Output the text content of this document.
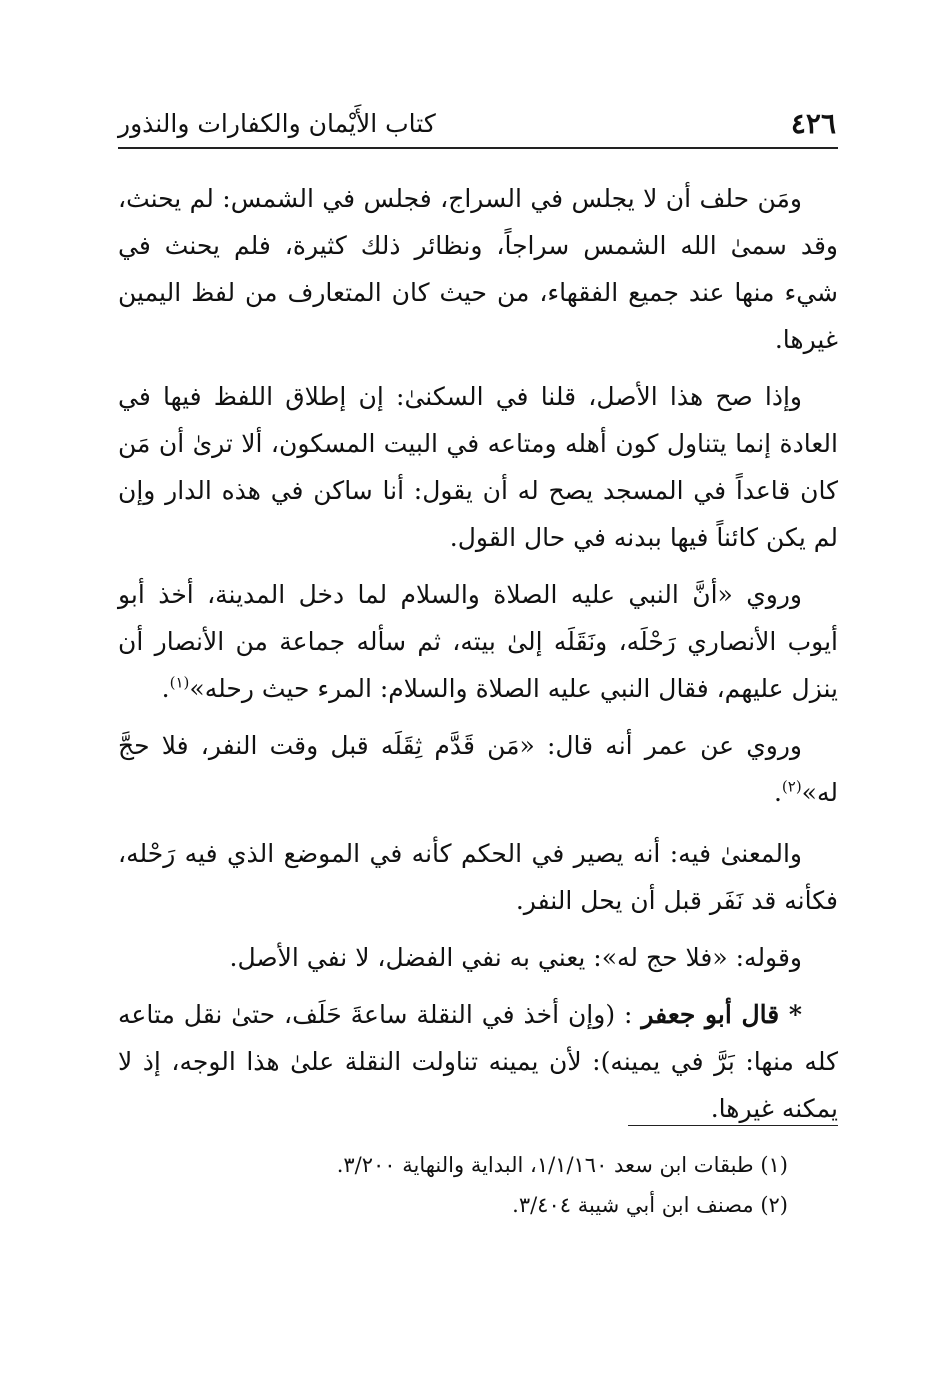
٤٢٦
كتاب الأَيْمان والكفارات والنذور

ومَن حلف أن لا يجلس في السراج، فجلس في الشمس: لم يحنث، وقد سمىٰ الله الشمس سراجاً، ونظائر ذلك كثيرة، فلم يحنث في شيء منها عند جميع الفقهاء، من حيث كان المتعارف من لفظ اليمين غيرها.

وإذا صح هذا الأصل، قلنا في السكنىٰ: إن إطلاق اللفظ فيها في العادة إنما يتناول كون أهله ومتاعه في البيت المسكون، ألا ترىٰ أن مَن كان قاعداً في المسجد يصح له أن يقول: أنا ساكن في هذه الدار وإن لم يكن كائناً فيها ببدنه في حال القول.

وروي «أنَّ النبي عليه الصلاة والسلام لما دخل المدينة، أخذ أبو أيوب الأنصاري رَحْلَه، ونَقَلَه إلىٰ بيته، ثم سأله جماعة من الأنصار أن ينزل عليهم، فقال النبي عليه الصلاة والسلام: المرء حيث رحله»$^{(١)}$.

وروي عن عمر أنه قال: «مَن قَدَّم ثِقَلَه قبل وقت النفر، فلا حجَّ له»$^{(٢)}$.

والمعنىٰ فيه: أنه يصير في الحكم كأنه في الموضع الذي فيه رَحْله، فكأنه قد نَفَر قبل أن يحل النفر.

وقوله: «فلا حج له»: يعني به نفي الفضل، لا نفي الأصل.

* قال أبو جعفر : (وإن أخذ في النقلة ساعةَ حَلَف، حتىٰ نقل متاعه كله منها: بَرَّ في يمينه): لأن يمينه تناولت النقلة علىٰ هذا الوجه، إذ لا يمكنه غيرها.

(١) طبقات ابن سعد ١/١/١٦٠، البداية والنهاية ٣/٢٠٠.

(٢) مصنف ابن أبي شيبة ٣/٤٠٤.
